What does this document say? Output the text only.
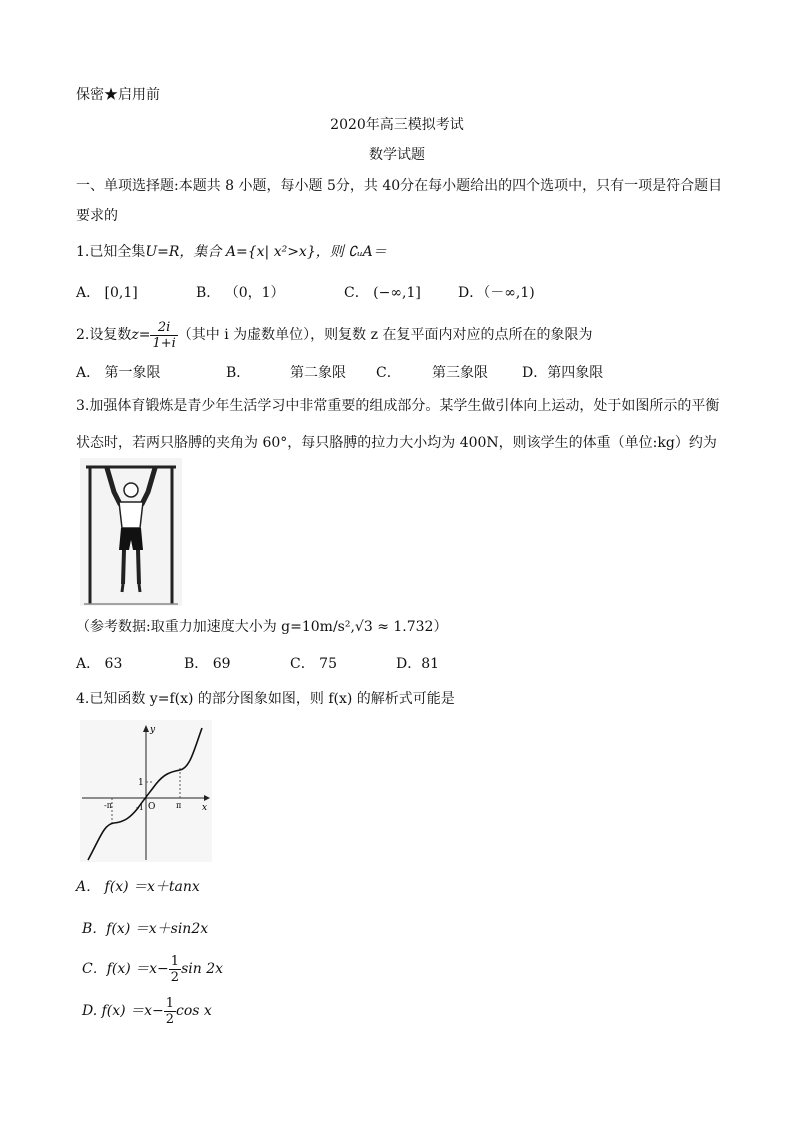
保密★启用前
2020年高三模拟考试
数学试题
一、单项选择题:本题共 8 小题，每小题 5分，共 40分在每小题给出的四个选项中，只有一项是符合题目
要求的
1.已知全集U=R，集合 A={x| x²>x}，则 ∁ᵤA＝
A． [0,1]	B． （0，1）	C． (−∞,1]	D．（－∞,1)
2.设复数$z= \frac{2i}{1+i}$ （其中 i 为虚数单位），则复数 z 在复平面内对应的点所在的象限为
A． 第一象限	B．	第二象限 C． 第三象限 D．第四象限
3.加强体育锻炼是青少年生活学习中非常重要的组成部分。某学生做引体向上运动，处于如图所示的平衡
状态时，若两只胳膊的夹角为 60°，每只胳膊的拉力大小均为 400N，则该学生的体重（单位:kg）约为
（参考数据:取重力加速度大小为 g=10m/s²,√3 ≈ 1.732）
A． 63	B． 69	C． 75	D．81
4.已知函数 y=f(x) 的部分图象如图，则 f(x) 的解析式可能是
y
x
O
1
-1	π
-π
A． f(x) ＝x＋tanx
B．f(x) ＝x＋sin2x
C．$f(x) =x- \frac{1}{2}$ sin 2x
D. $f(x) =x- \frac{1}{2}$ cos x
